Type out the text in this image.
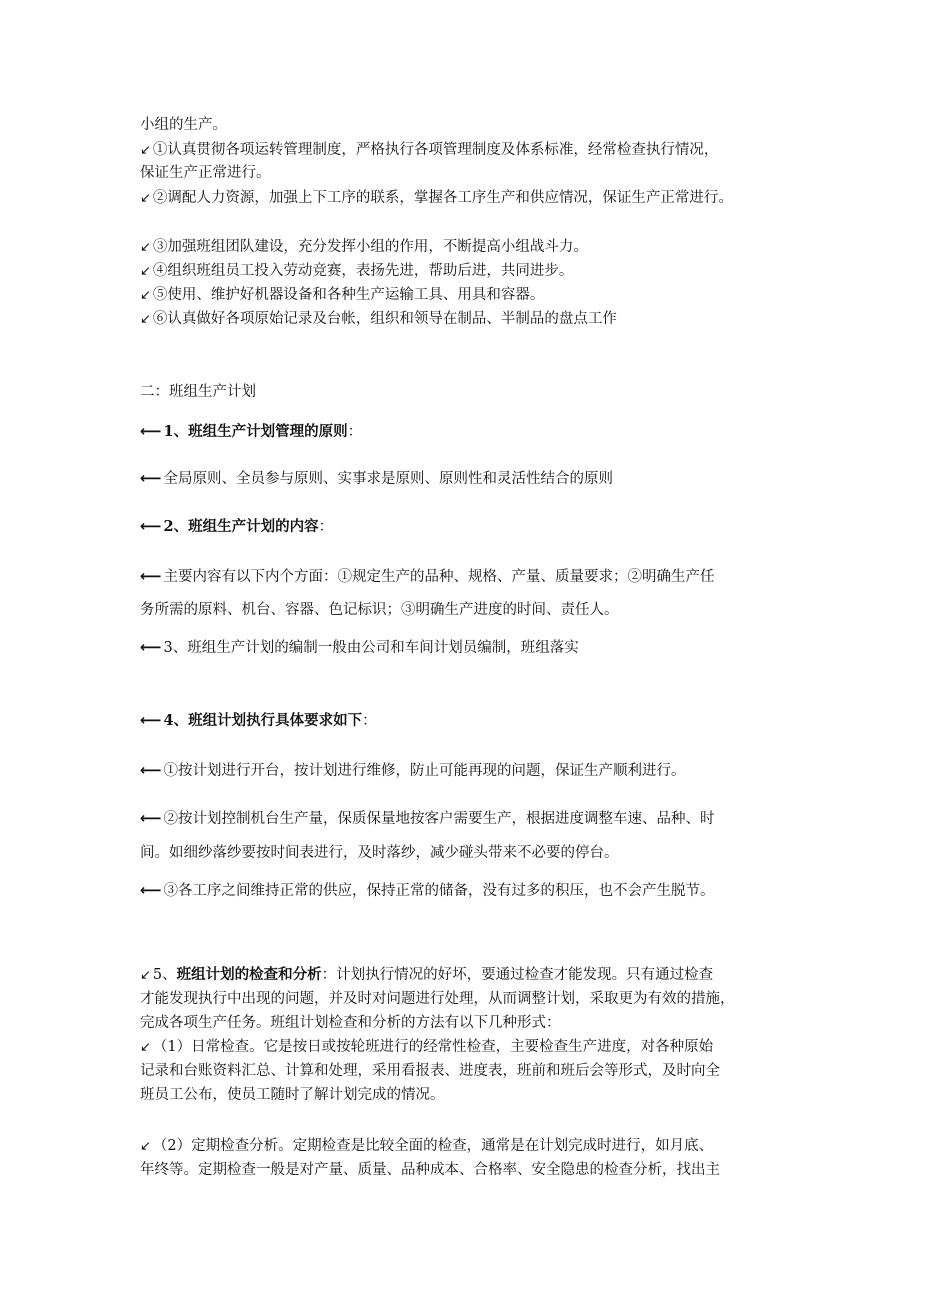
小组的生产。
↙ ①认真贯彻各项运转管理制度，严格执行各项管理制度及体系标准，经常检查执行情况，
保证生产正常进行。
↙ ②调配人力资源，加强上下工序的联系，掌握各工序生产和供应情况，保证生产正常进行。
↙ ③加强班组团队建设，充分发挥小组的作用，不断提高小组战斗力。
↙ ④组织班组员工投入劳动竞赛，表扬先进，帮助后进，共同进步。
↙ ⑤使用、维护好机器设备和各种生产运输工具、用具和容器。
↙ ⑥认真做好各项原始记录及台帐，组织和领导在制品、半制品的盘点工作
二：班组生产计划
⟵ 1、班组生产计划管理的原则：
⟵ 全局原则、全员参与原则、实事求是原则、原则性和灵活性结合的原则
⟵ 2、班组生产计划的内容：
⟵ 主要内容有以下内个方面：①规定生产的品种、规格、产量、质量要求；②明确生产任
务所需的原料、机台、容器、色记标识；③明确生产进度的时间、责任人。
⟵ 3、班组生产计划的编制一般由公司和车间计划员编制，班组落实
⟵ 4、班组计划执行具体要求如下：
⟵ ①按计划进行开台，按计划进行维修，防止可能再现的问题，保证生产顺利进行。
⟵ ②按计划控制机台生产量，保质保量地按客户需要生产，根据进度调整车速、品种、时
间。如细纱落纱要按时间表进行，及时落纱，减少碰头带来不必要的停台。
⟵ ③各工序之间维持正常的供应，保持正常的储备，没有过多的积压，也不会产生脱节。
↙ 5、班组计划的检查和分析：计划执行情况的好坏，要通过检查才能发现。只有通过检查
才能发现执行中出现的问题，并及时对问题进行处理，从而调整计划，采取更为有效的措施，
完成各项生产任务。班组计划检查和分析的方法有以下几种形式：
↙ （1）日常检查。它是按日或按轮班进行的经常性检查，主要检查生产进度，对各种原始
记录和台账资料汇总、计算和处理，采用看报表、进度表，班前和班后会等形式，及时向全
班员工公布，使员工随时了解计划完成的情况。
↙ （2）定期检查分析。定期检查是比较全面的检查，通常是在计划完成时进行，如月底、
年终等。定期检查一般是对产量、质量、品种成本、合格率、安全隐患的检查分析，找出主
